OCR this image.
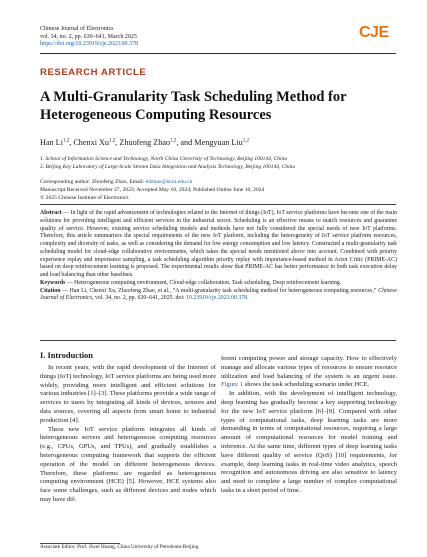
Chinese Journal of Electronics
vol. 34, no. 2, pp. 630–641, March 2025
https://doi.org/10.23919/cje.2023.00.378
CJE
RESEARCH ARTICLE
A Multi-Granularity Task Scheduling Method for Heterogeneous Computing Resources
Han Li$^{1,2}$, Chenxi Xu$^{1,2}$, Zhuofeng Zhao$^{1,2}$, and Mengyuan Liu$^{1,2}$
1. School of Information Science and Technology, North China University of Technology, Beijing 100144, China
2. Beijing Key Laboratory of Large-Scale Stream Data Integration and Analysis Technology, Beijing 100144, China
Corresponding author: Zhuofeng Zhao, Email: edzhao@ncut.edu.cn
Manuscript Received November 27, 2023; Accepted May 10, 2024; Published Online June 10, 2024
© 2025 Chinese Institute of Electronics

Abstract — In light of the rapid advancement of technologies related to the Internet of things (IoT), IoT service platforms have become one of the main solutions for providing intelligent and efficient services in the industrial sector. Scheduling is an effective means to match resources and guarantee quality of service. However, existing service scheduling models and methods have not fully considered the special needs of new IoT platforms. Therefore, this article summarizes the special requirements of the new IoT platform, including the heterogeneity of IoT service platform resources, complexity and diversity of tasks, as well as considering the demand for low energy consumption and low latency. Constructed a multi-granularity task scheduling model for cloud-edge collaborative environments, which takes the special needs mentioned above into account. Combined with priority experience replay and importance sampling, a task scheduling algorithm priority replay with importance-based method in Actor Critic (PRIME-AC) based on deep reinforcement learning is proposed. The experimental results show that PRIME-AC has better performance in both task execution delay and load balancing than other baselines.

Keywords — Heterogeneous computing environment, Cloud-edge collaboration, Task scheduling, Deep reinforcement learning.

Citation — Han Li, Chenxi Xu, Zhuofeng Zhao, et al., “A multi-granularity task scheduling method for heterogeneous computing resources,” Chinese Journal of Electronics, vol. 34, no. 2, pp. 630–641, 2025. doi: 10.23919/cje.2023.00.378.

I. Introduction

In recent years, with the rapid development of the Internet of things (IoT) technology, IoT service platforms are being used more widely, providing more intelligent and efficient solutions for various industries [1]–[3]. These platforms provide a wide range of services to users by integrating all kinds of devices, sensors and data sources, covering all aspects from smart home to industrial production [4].

These new IoT service platform integrates all kinds of heterogeneous servers and heterogeneous computing resources (e.g., CPUs, GPUs, and TPUs), and gradually establishes a heterogeneous computing framework that supports the efficient operation of the model on different heterogeneous devices. Therefore, these platforms are regarded as heterogeneous computing environment (HCE) [5]. However, HCE systems also face some challenges, such as different devices and nodes which may have dif-

ferent computing power and storage capacity. How to effectively manage and allocate various types of resources to ensure resource utilization and load balancing of the system is an urgent issue. Figure 1 shows the task scheduling scenario under HCE.

In addition, with the development of intelligent technology, deep learning has gradually become a key supporting technology for the new IoT service platform [6]–[9]. Compared with other types of computational tasks, deep learning tasks are more demanding in terms of computational resources, requiring a large amount of computational resources for model training and inference. At the same time, different types of deep learning tasks have different quality of service (QoS) [10] requirements, for example, deep learning tasks in real-time video analytics, speech recognition and autonomous driving are also sensitive to latency and need to complete a large number of complex computational tasks in a short period of time.

Associate Editor: Prof. Jiwei Huang, China University of Petroleum-Beijing.
